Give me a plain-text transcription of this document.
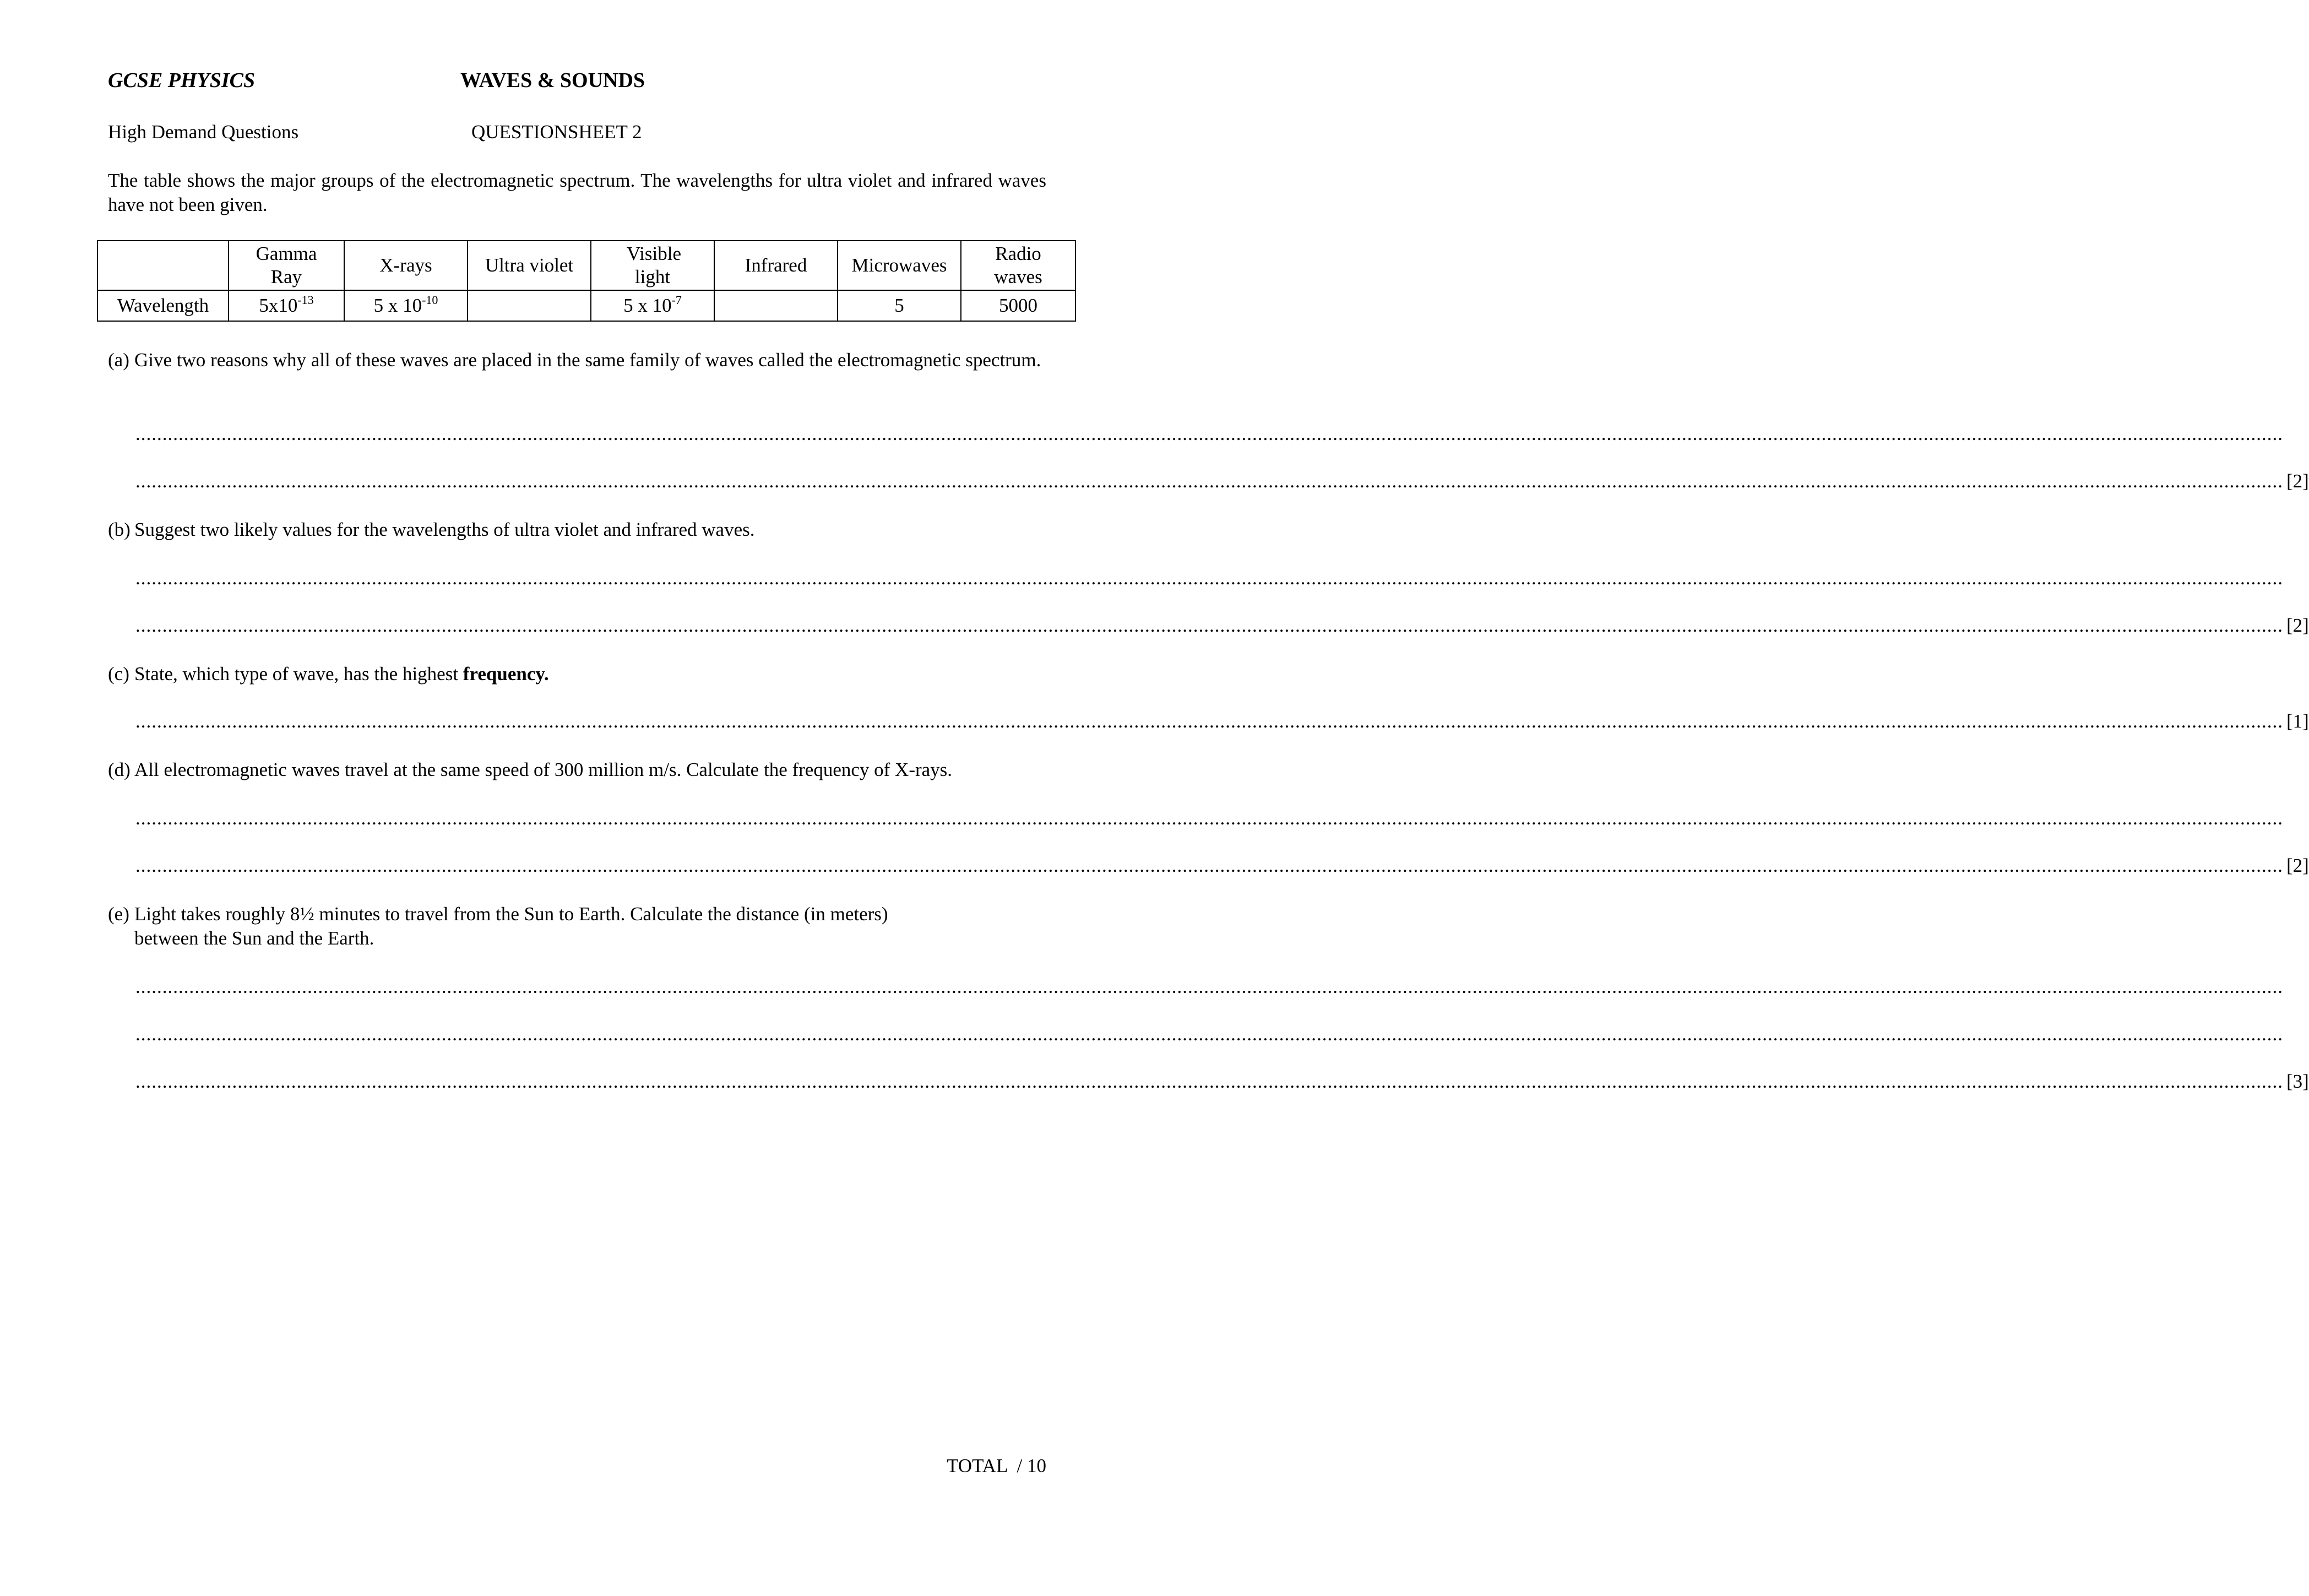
GCSE PHYSICS	WAVES & SOUNDS
High Demand Questions	QUESTIONSHEET 2
The table shows the major groups of the electromagnetic spectrum. The wavelengths for ultra violet and infrared waves have not been given.
	Gamma Ray	X-rays	Ultra violet	Visible light	Infrared	Microwaves	Radio waves
Wavelength	$5x10^{-13}$	5 x $10^{-10}$		5 x $10^{-7}$		5	5000
(a) Give two reasons why all of these waves are placed in the same family of waves called the electromagnetic spectrum.
................................................................................................................................................................................................................................................................................................................................................................................................................
................................................................................................................................................................................................................................................................................................................................................................................................................ [2]
(b) Suggest two likely values for the wavelengths of ultra violet and infrared waves.
................................................................................................................................................................................................................................................................................................................................................................................................................
................................................................................................................................................................................................................................................................................................................................................................................................................ [2]
(c) State, which type of wave, has the highest frequency.
................................................................................................................................................................................................................................................................................................................................................................................................................ [1]
(d) All electromagnetic waves travel at the same speed of 300 million m/s. Calculate the frequency of X-rays.
................................................................................................................................................................................................................................................................................................................................................................................................................
................................................................................................................................................................................................................................................................................................................................................................................................................ [2]
(e) Light takes roughly 8½ minutes to travel from the Sun to Earth. Calculate the distance (in meters)
between the Sun and the Earth.
................................................................................................................................................................................................................................................................................................................................................................................................................
................................................................................................................................................................................................................................................................................................................................................................................................................
................................................................................................................................................................................................................................................................................................................................................................................................................ [3]
TOTAL  / 10
